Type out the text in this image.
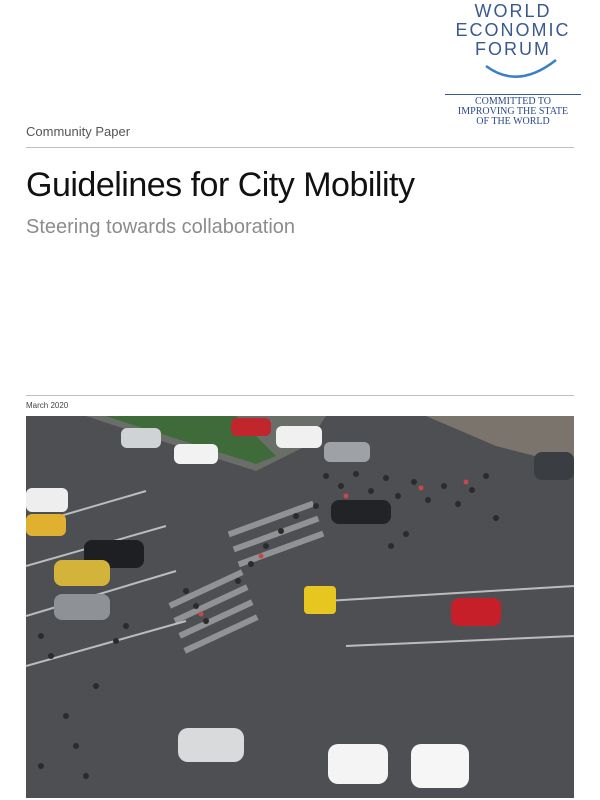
WORLD
ECONOMIC
FORUM
COMMITTED TO
IMPROVING THE STATE
OF THE WORLD
Community Paper
Guidelines for City Mobility
Steering towards collaboration
March 2020
